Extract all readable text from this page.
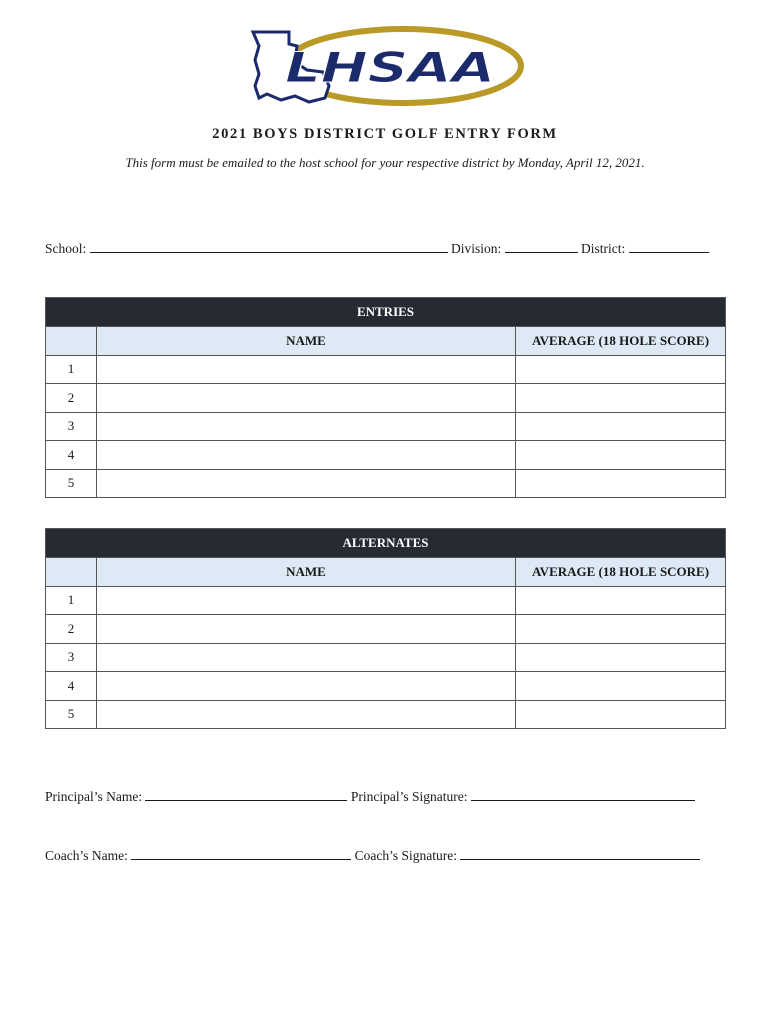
LHSAA
2021 BOYS DISTRICT GOLF ENTRY FORM
This form must be emailed to the host school for your respective district by Monday, April 12, 2021.
School:	Division:	District:
ENTRIES		
	NAME	AVERAGE (18 HOLE SCORE)
1		
2		
3		
4		
5		
ALTERNATES		
	NAME	AVERAGE (18 HOLE SCORE)
1		
2		
3		
4		
5		
Principal’s Name:	Principal’s Signature:
Coach’s Name:	Coach’s Signature:
